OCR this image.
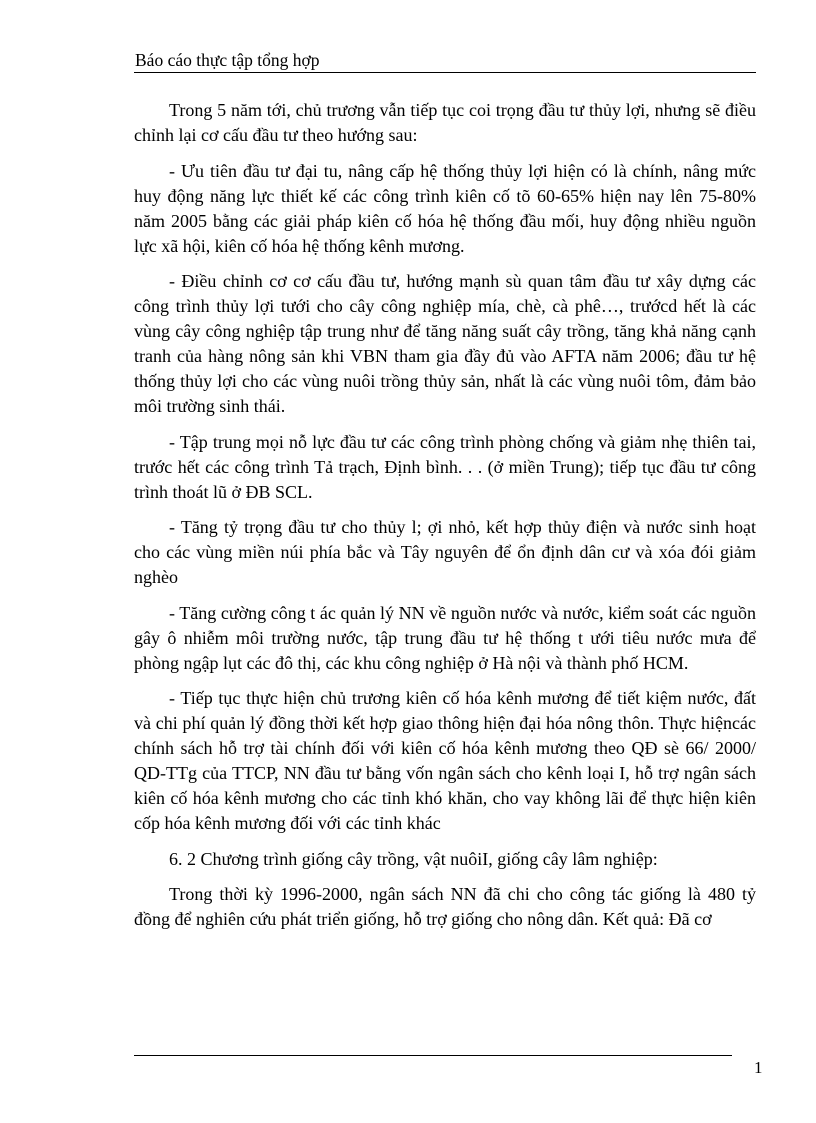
Báo cáo thực tập tổng hợp

Trong 5 năm tới, chủ trương vẫn tiếp tục coi trọng đầu tư thủy lợi, nhưng sẽ điều chỉnh lại cơ cấu đầu tư theo hướng sau:

- Ưu tiên đầu tư đại tu, nâng cấp hệ thống thủy lợi hiện có là chính, nâng mức huy động năng lực thiết kế các công trình kiên cố tõ 60-65% hiện nay lên 75-80% năm 2005 bằng các giải pháp kiên cố hóa hệ thống đầu mối, huy động nhiều nguồn lực xã hội, kiên cố hóa hệ thống kênh mương.

- Điều chỉnh cơ cơ cấu đầu tư, hướng mạnh sù quan tâm đầu tư xây dựng các công trình thủy lợi tưới cho cây công nghiệp mía, chè, cà phê…, trướcd hết là các vùng cây công nghiệp tập trung như để tăng năng suất cây trồng, tăng khả năng cạnh tranh của hàng nông sản khi VBN tham gia đầy đủ vào AFTA năm 2006; đầu tư hệ thống thủy lợi cho các vùng nuôi trồng thủy sản, nhất là các vùng nuôi tôm, đảm bảo môi trường sinh thái.

- Tập trung mọi nỗ lực đầu tư các công trình phòng chống và giảm nhẹ thiên tai, trước hết các công trình Tả trạch, Định bình. . . (ở miền Trung); tiếp tục đầu tư công trình thoát lũ ở ĐB SCL.

- Tăng tỷ trọng đầu tư cho thủy l; ợi nhỏ, kết hợp thủy điện và nước sinh hoạt cho các vùng miền núi phía bắc và Tây nguyên để ổn định dân cư và xóa đói giảm nghèo

- Tăng cường công t ác quản lý NN về nguồn nước và nước, kiểm soát các nguồn gây ô nhiễm môi trường nước, tập trung đầu tư hệ thống t ưới tiêu nước mưa để phòng ngập lụt các đô thị, các khu công nghiệp ở Hà nội và thành phố HCM.

- Tiếp tục thực hiện chủ trương kiên cố hóa kênh mương để tiết kiệm nước, đất và chi phí quản lý đồng thời kết hợp giao thông hiện đại hóa nông thôn. Thực hiệncác chính sách hỗ trợ tài chính đối với kiên cố hóa kênh mương theo QĐ sè 66/ 2000/ QD-TTg của TTCP, NN đầu tư bằng vốn ngân sách cho kênh loại I, hỗ trợ ngân sách kiên cố hóa kênh mương cho các tỉnh khó khăn, cho vay không lãi để thực hiện kiên cốp hóa kênh mương đối với các tỉnh khác

6. 2 Chương trình giống cây trồng, vật nuôiI, giống cây lâm nghiệp:

Trong thời kỳ 1996-2000, ngân sách NN đã chi cho công tác giống là 480 tỷ đồng để nghiên cứu phát triển giống, hỗ trợ giống cho nông dân. Kết quả: Đã cơ

1
